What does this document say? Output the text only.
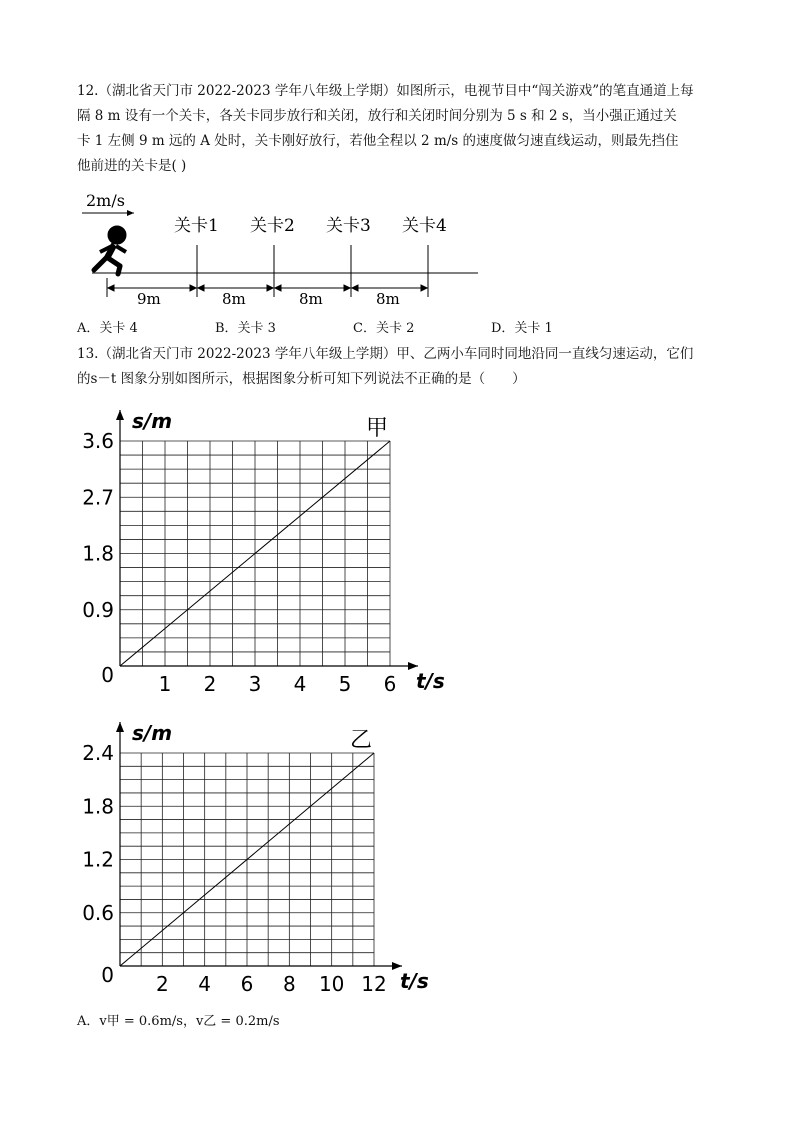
12.（湖北省天门市 2022-2023 学年八年级上学期）如图所示，电视节目中“闯关游戏”的笔直通道上每
隔 8 m 设有一个关卡，各关卡同步放行和关闭，放行和关闭时间分别为 5 s 和 2 s，当小强正通过关
卡 1 左侧 9 m 远的 A 处时，关卡刚好放行，若他全程以 2 m/s 的速度做匀速直线运动，则最先挡住
他前进的关卡是( )
2m/s
关卡1 关卡2 关卡3 关卡4
9m	8m	8m	8m
A．关卡 4	B．关卡 3	C．关卡 2	D．关卡 1
13.（湖北省天门市 2022-2023 学年八年级上学期）甲、乙两小车同时同地沿同一直线匀速运动，它们
的s－t 图象分别如图所示，根据图象分析可知下列说法不正确的是（　　）
1 2 3 4 5 6
0.9
1.8
2.7
3.6
0
s/m
t/s
甲
2 4 6 8 10 12
0.6
1.2
1.8
2.4
0
s/m
t/s
乙
A．v甲 = 0.6m/s，v乙 = 0.2m/s
